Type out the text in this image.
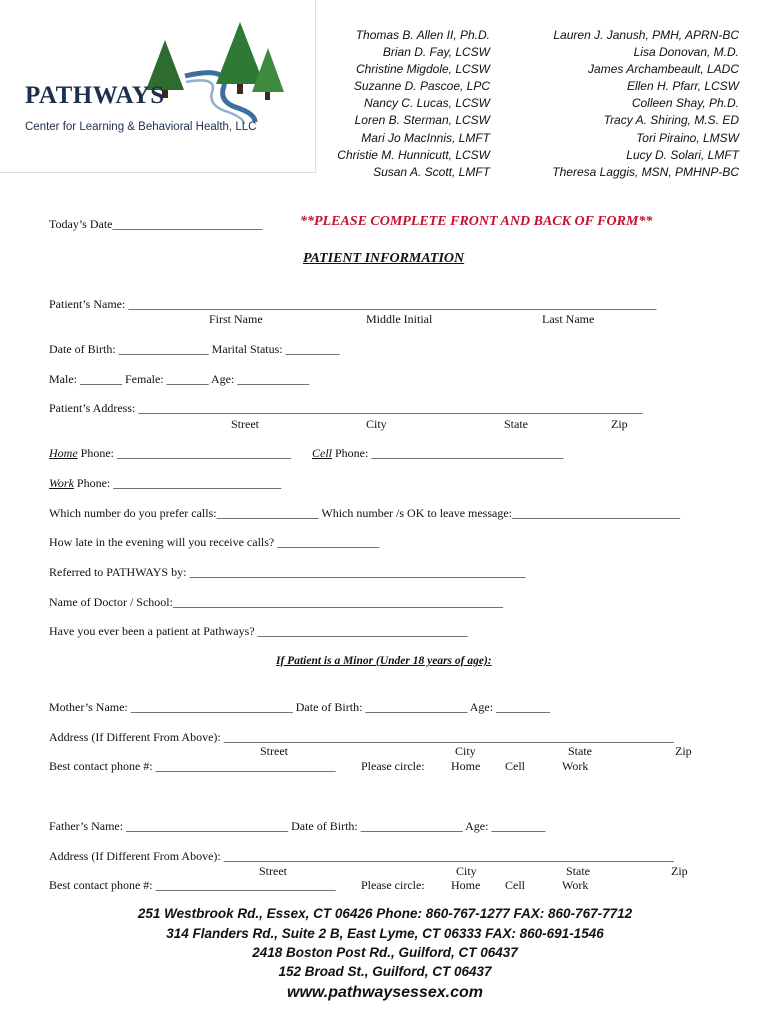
PATHWAYS
Center for Learning & Behavioral Health, LLC
Thomas B. Allen II, Ph.D.
Brian D. Fay, LCSW
Christine Migdole, LCSW
Suzanne D. Pascoe, LPC
Nancy C. Lucas, LCSW
Loren B. Sterman, LCSW
Mari Jo MacInnis, LMFT
Christie M. Hunnicutt, LCSW
Susan A. Scott, LMFT
Lauren J. Janush, PMH, APRN-BC
Lisa Donovan, M.D.
James Archambeault, LADC
Ellen H. Pfarr, LCSW
Colleen Shay, Ph.D.
Tracy A. Shiring, M.S. ED
Tori Piraino, LMSW
Lucy D. Solari, LMFT
Theresa Laggis, MSN, PMHNP-BC
Today’s Date_________________________	**PLEASE COMPLETE FRONT AND BACK OF FORM**
PATIENT INFORMATION
Patient’s Name: ________________________________________________________________________________________
First Name	Middle Initial	Last Name
Date of Birth: _______________ Marital Status: _________
Male: _______ Female: _______ Age: ____________
Patient’s Address: ____________________________________________________________________________________
Street	City	State	Zip
Home Phone: _____________________________ Cell Phone: ________________________________
Work Phone: ____________________________
Which number do you prefer calls:_________________ Which number /s OK to leave message:____________________________
How late in the evening will you receive calls? _________________
Referred to PATHWAYS by: ________________________________________________________
Name of Doctor / School:_______________________________________________________
Have you ever been a patient at Pathways? ___________________________________
If Patient is a Minor (Under 18 years of age):
Mother’s Name: ___________________________ Date of Birth: _________________ Age: _________
Address (If Different From Above): ___________________________________________________________________________
Street	City	State	Zip
Best contact phone #: ______________________________ Please circle: Home Cell	Work
Father’s Name: ___________________________ Date of Birth: _________________ Age: _________
Address (If Different From Above): ___________________________________________________________________________
Street	City	State	Zip
Best contact phone #: ______________________________ Please circle: Home Cell	Work
251 Westbrook Rd., Essex, CT 06426 Phone: 860-767-1277 FAX: 860-767-7712
314 Flanders Rd., Suite 2 B, East Lyme, CT 06333 FAX: 860-691-1546
2418 Boston Post Rd., Guilford, CT 06437
152 Broad St., Guilford, CT 06437
www.pathwaysessex.com
